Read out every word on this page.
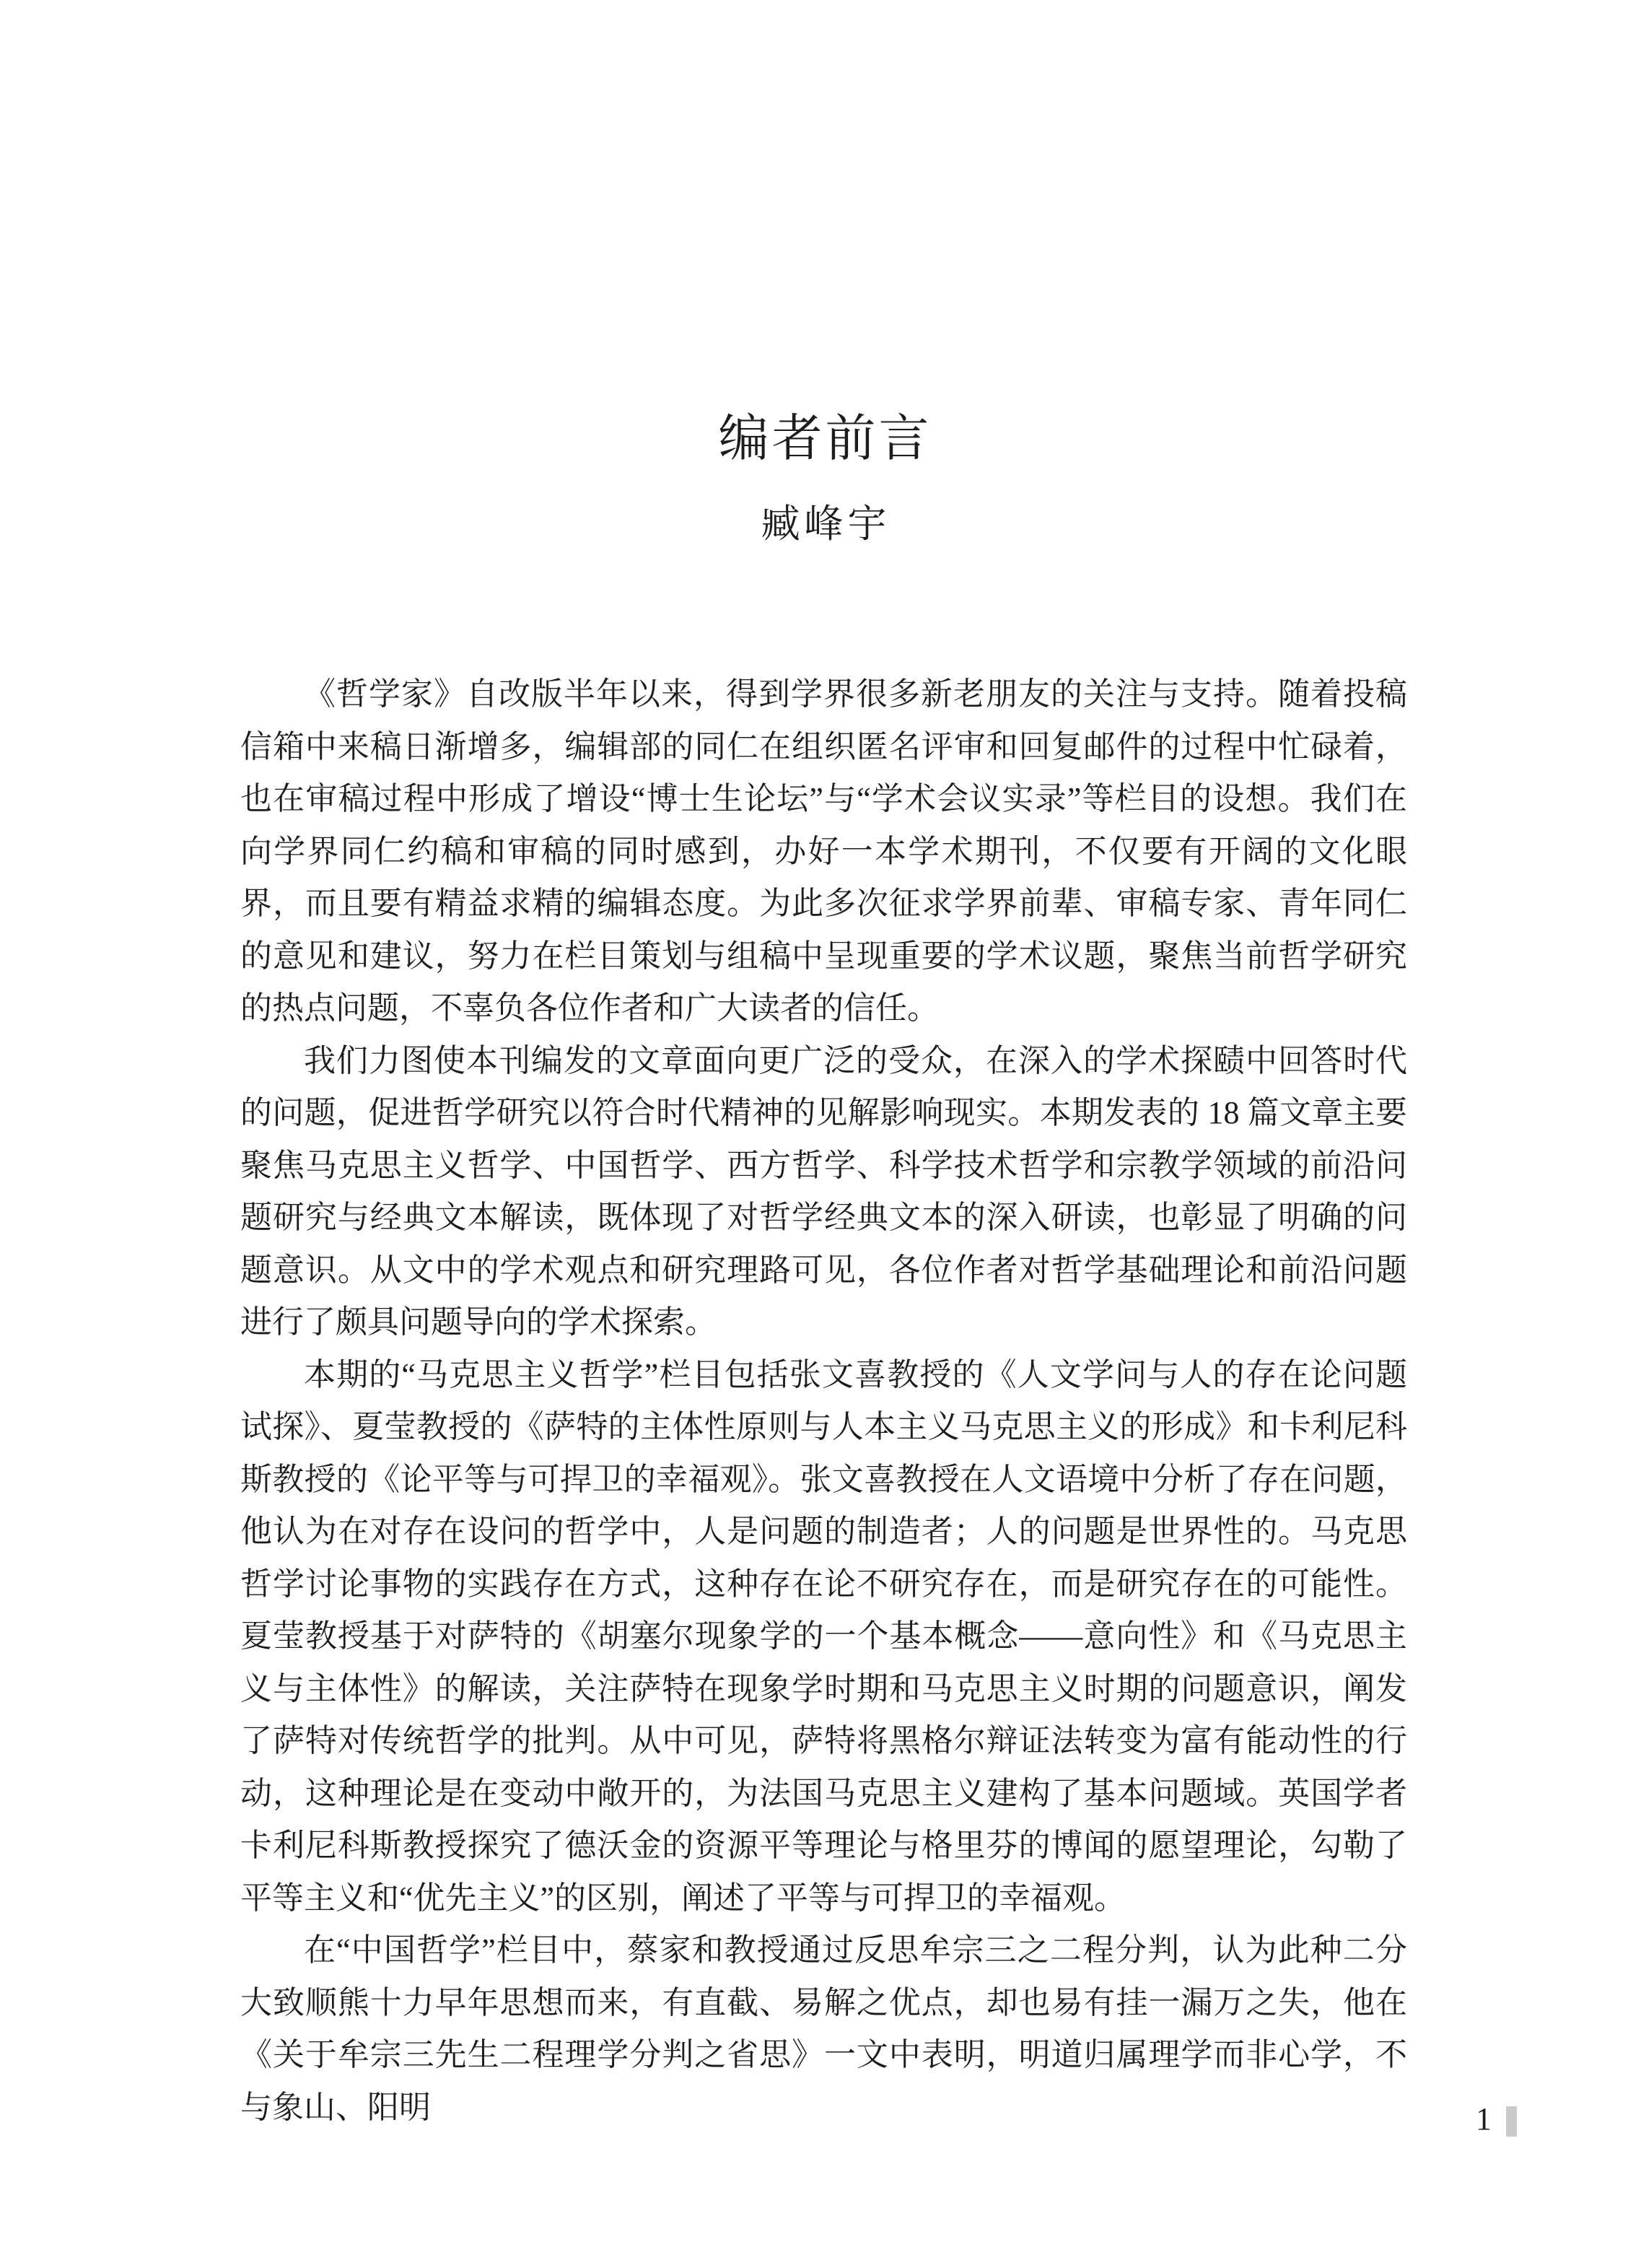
编者前言
臧峰宇

《哲学家》自改版半年以来，得到学界很多新老朋友的关注与支持。随着投稿信箱中来稿日渐增多，编辑部的同仁在组织匿名评审和回复邮件的过程中忙碌着，也在审稿过程中形成了增设“博士生论坛”与“学术会议实录”等栏目的设想。我们在向学界同仁约稿和审稿的同时感到，办好一本学术期刊，不仅要有开阔的文化眼界，而且要有精益求精的编辑态度。为此多次征求学界前辈、审稿专家、青年同仁的意见和建议，努力在栏目策划与组稿中呈现重要的学术议题，聚焦当前哲学研究的热点问题，不辜负各位作者和广大读者的信任。

我们力图使本刊编发的文章面向更广泛的受众，在深入的学术探赜中回答时代的问题，促进哲学研究以符合时代精神的见解影响现实。本期发表的 18 篇文章主要聚焦马克思主义哲学、中国哲学、西方哲学、科学技术哲学和宗教学领域的前沿问题研究与经典文本解读，既体现了对哲学经典文本的深入研读，也彰显了明确的问题意识。从文中的学术观点和研究理路可见，各位作者对哲学基础理论和前沿问题进行了颇具问题导向的学术探索。

本期的“马克思主义哲学”栏目包括张文喜教授的《人文学问与人的存在论问题试探》、夏莹教授的《萨特的主体性原则与人本主义马克思主义的形成》和卡利尼科斯教授的《论平等与可捍卫的幸福观》。张文喜教授在人文语境中分析了存在问题，他认为在对存在设问的哲学中，人是问题的制造者；人的问题是世界性的。马克思哲学讨论事物的实践存在方式，这种存在论不研究存在，而是研究存在的可能性。夏莹教授基于对萨特的《胡塞尔现象学的一个基本概念——意向性》和《马克思主义与主体性》的解读，关注萨特在现象学时期和马克思主义时期的问题意识，阐发了萨特对传统哲学的批判。从中可见，萨特将黑格尔辩证法转变为富有能动性的行动，这种理论是在变动中敞开的，为法国马克思主义建构了基本问题域。英国学者卡利尼科斯教授探究了德沃金的资源平等理论与格里芬的博闻的愿望理论，勾勒了平等主义和“优先主义”的区别，阐述了平等与可捍卫的幸福观。

在“中国哲学”栏目中，蔡家和教授通过反思牟宗三之二程分判，认为此种二分大致顺熊十力早年思想而来，有直截、易解之优点，却也易有挂一漏万之失，他在《关于牟宗三先生二程理学分判之省思》一文中表明，明道归属理学而非心学，不与象山、阳明	1
